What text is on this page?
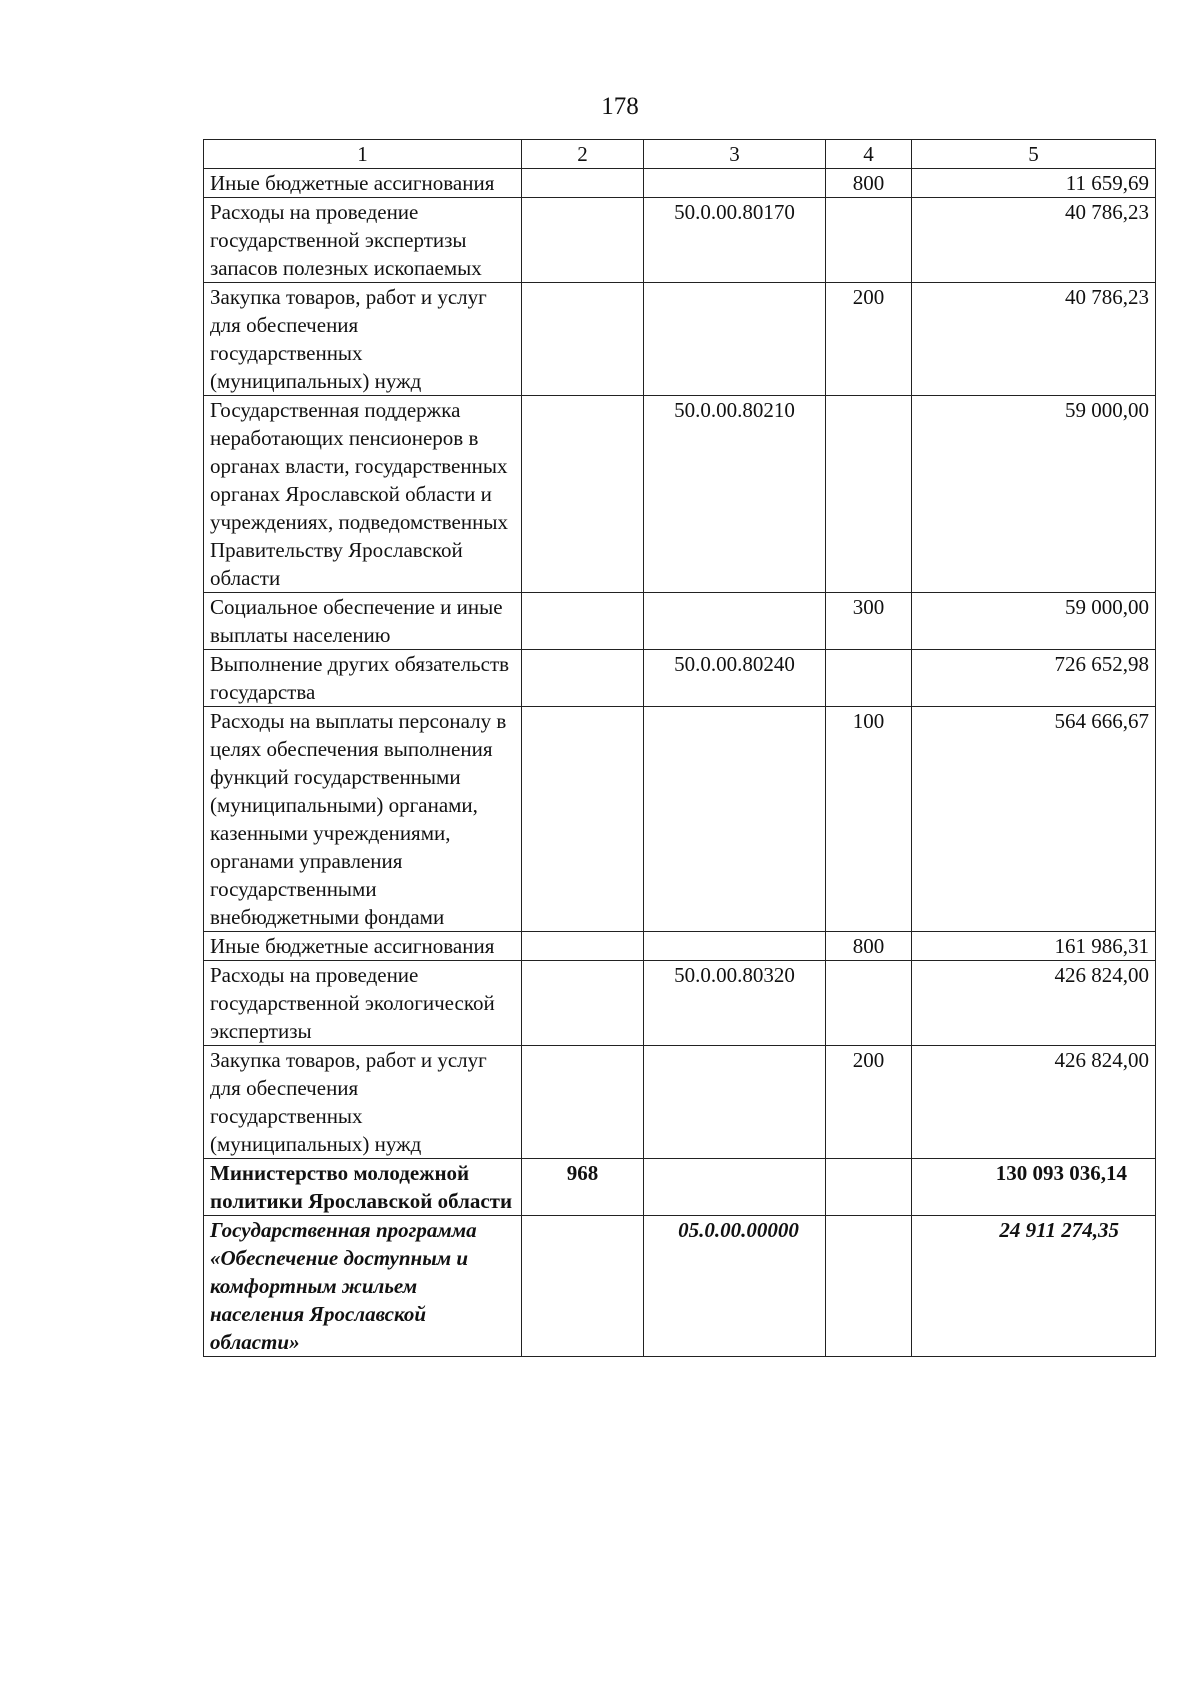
178
1	2	3	4	5
Иные бюджетные ассигнования			800	11 659,69
Расходы на проведение государственной экспертизы запасов полезных ископаемых		50.0.00.80170		40 786,23
Закупка товаров, работ и услуг для обеспечения государственных (муниципальных) нужд			200	40 786,23
Государственная поддержка неработающих пенсионеров в органах власти, государственных органах Ярославской области и учреждениях, подведомственных Правительству Ярославской области		50.0.00.80210		59 000,00
Социальное обеспечение и иные выплаты населению			300	59 000,00
Выполнение других обязательств государства		50.0.00.80240		726 652,98
Расходы на выплаты персоналу в целях обеспечения выполнения функций государственными (муниципальными) органами, казенными учреждениями, органами управления государственными внебюджетными фондами			100	564 666,67
Иные бюджетные ассигнования			800	161 986,31
Расходы на проведение государственной экологической экспертизы		50.0.00.80320		426 824,00
Закупка товаров, работ и услуг для обеспечения государственных (муниципальных) нужд			200	426 824,00
Министерство молодежной политики Ярославской области	968			130 093 036,14
Государственная программа «Обеспечение доступным и комфортным жильем населения Ярославской области»		05.0.00.00000		24 911 274,35
